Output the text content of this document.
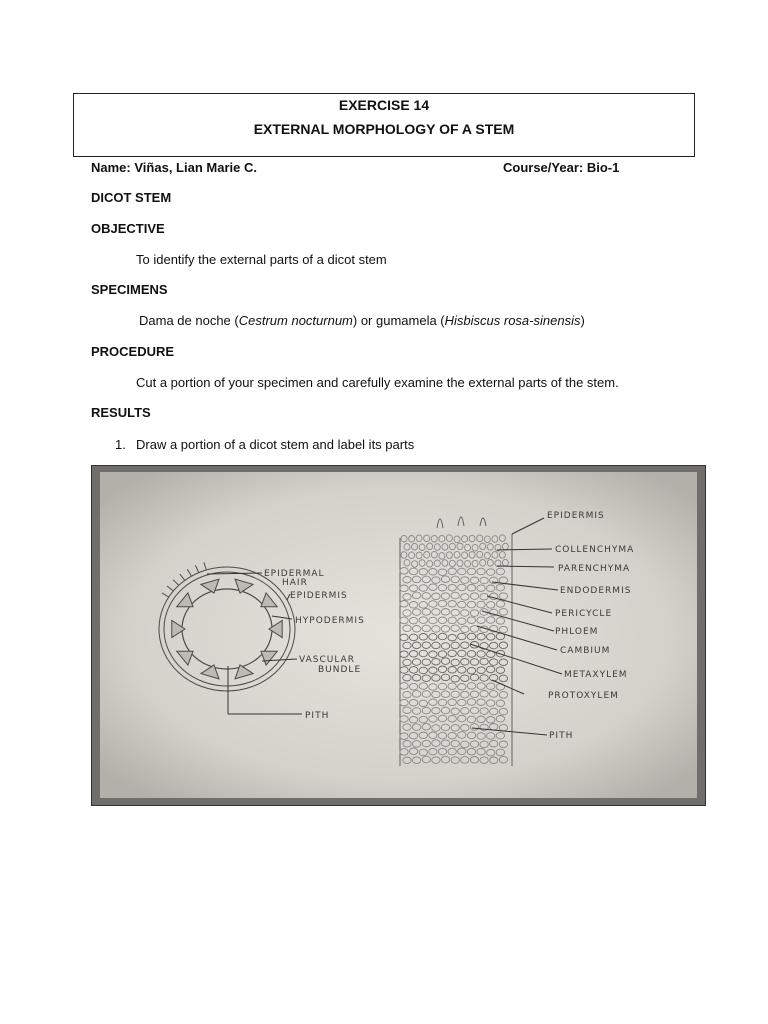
EXERCISE 14
EXTERNAL MORPHOLOGY OF A STEM
Name: Viñas, Lian Marie C.	Course/Year: Bio-1
DICOT STEM
OBJECTIVE
To identify the external parts of a dicot stem
SPECIMENS
Dama de noche (Cestrum nocturnum) or gumamela (Hisbiscus rosa-sinensis)
PROCEDURE
Cut a portion of your specimen and carefully examine the external parts of the stem.
RESULTS
1. Draw a portion of a dicot stem and label its parts
EPIDERMAL
HAIR
EPIDERMIS
HYPODERMIS
VASCULAR
BUNDLE
PITH
EPIDERMIS
COLLENCHYMA
PARENCHYMA
ENDODERMIS
PERICYCLE
PHLOEM
CAMBIUM
METAXYLEM
PROTOXYLEM
PITH
